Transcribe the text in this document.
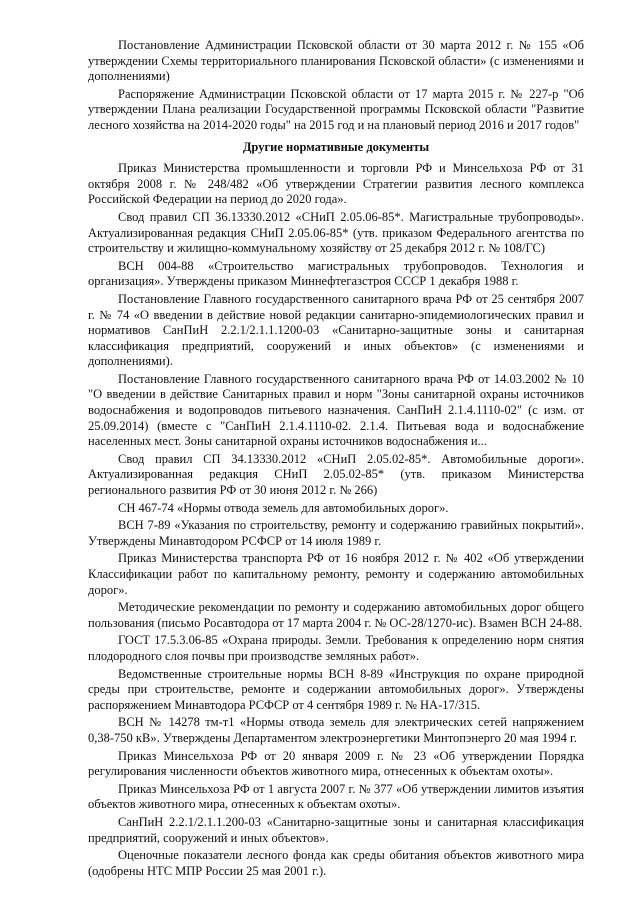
Постановление Администрации Псковской области от 30 марта 2012 г. № 155 «Об утверждении Схемы территориального планирования Псковской области» (с изменениями и дополнениями)

Распоряжение Администрации Псковской области от 17 марта 2015 г. № 227-р "Об утверждении Плана реализации Государственной программы Псковской области "Развитие лесного хозяйства на 2014-2020 годы" на 2015 год и на плановый период 2016 и 2017 годов"

Другие нормативные документы

Приказ Министерства промышленности и торговли РФ и Минсельхоза РФ от 31 октября 2008 г. № 248/482 «Об утверждении Стратегии развития лесного комплекса Российской Федерации на период до 2020 года».

Свод правил СП 36.13330.2012 «СНиП 2.05.06-85*. Магистральные трубопроводы». Актуализированная редакция СНиП 2.05.06-85* (утв. приказом Федерального агентства по строительству и жилищно-коммунальному хозяйству от 25 декабря 2012 г. № 108/ГС)

ВСН 004-88 «Строительство магистральных трубопроводов. Технология и организация». Утверждены приказом Миннефтегазстроя СССР 1 декабря 1988 г.

Постановление Главного государственного санитарного врача РФ от 25 сентября 2007 г. № 74 «О введении в действие новой редакции санитарно-эпидемиологических правил и нормативов СанПиН 2.2.1/2.1.1.1200-03 «Санитарно-защитные зоны и санитарная классификация предприятий, сооружений и иных объектов» (с изменениями и дополнениями).

Постановление Главного государственного санитарного врача РФ от 14.03.2002 № 10 "О введении в действие Санитарных правил и норм "Зоны санитарной охраны источников водоснабжения и водопроводов питьевого назначения. СанПиН 2.1.4.1110-02" (с изм. от 25.09.2014) (вместе с "СанПиН 2.1.4.1110-02. 2.1.4. Питьевая вода и водоснабжение населенных мест. Зоны санитарной охраны источников водоснабжения и...

Свод правил СП 34.13330.2012 «СНиП 2.05.02-85*. Автомобильные дороги». Актуализированная редакция СНиП 2.05.02-85* (утв. приказом Министерства регионального развития РФ от 30 июня 2012 г. № 266)

СН 467-74 «Нормы отвода земель для автомобильных дорог».

ВСН 7-89 «Указания по строительству, ремонту и содержанию гравийных покрытий». Утверждены Минавтодором РСФСР от 14 июля 1989 г.

Приказ Министерства транспорта РФ от 16 ноября 2012 г. № 402 «Об утверждении Классификации работ по капитальному ремонту, ремонту и содержанию автомобильных дорог».

Методические рекомендации по ремонту и содержанию автомобильных дорог общего пользования (письмо Росавтодора от 17 марта 2004 г. № ОС-28/1270-ис). Взамен ВСН 24-88.

ГОСТ 17.5.3.06-85 «Охрана природы. Земли. Требования к определению норм снятия плодородного слоя почвы при производстве земляных работ».

Ведомственные строительные нормы ВСН 8-89 «Инструкция по охране природной среды при строительстве, ремонте и содержании автомобильных дорог». Утверждены распоряжением Минавтодора РСФСР от 4 сентября 1989 г. № НА-17/315.

ВСН № 14278 тм-т1 «Нормы отвода земель для электрических сетей напряжением 0,38-750 кВ». Утверждены Департаментом электроэнергетики Минтопэнерго 20 мая 1994 г.

Приказ Минсельхоза РФ от 20 января 2009 г. № 23 «Об утверждении Порядка регулирования численности объектов животного мира, отнесенных к объектам охоты».

Приказ Минсельхоза РФ от 1 августа 2007 г. № 377 «Об утверждении лимитов изъятия объектов животного мира, отнесенных к объектам охоты».

СанПиН 2.2.1/2.1.1.200-03 «Санитарно-защитные зоны и санитарная классификация предприятий, сооружений и иных объектов».

Оценочные показатели лесного фонда как среды обитания объектов животного мира (одобрены НТС МПР России 25 мая 2001 г.).
